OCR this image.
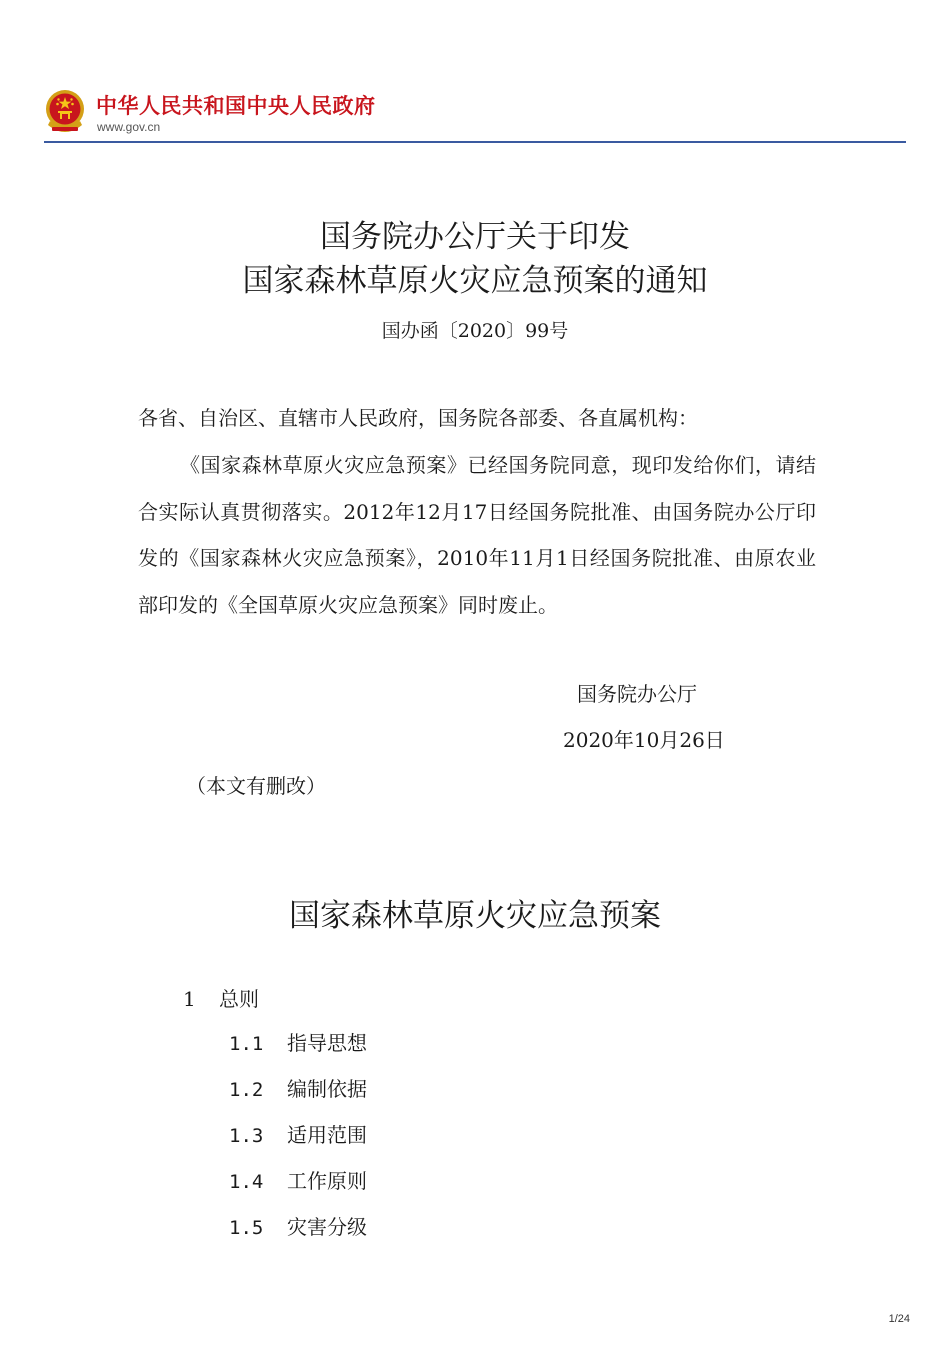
中华人民共和国中央人民政府
www.gov.cn
国务院办公厅关于印发
国家森林草原火灾应急预案的通知
国办函〔2020〕99号
各省、自治区、直辖市人民政府，国务院各部委、各直属机构：

《国家森林草原火灾应急预案》已经国务院同意，现印发给你们，请结合实际认真贯彻落实。2012年12月17日经国务院批准、由国务院办公厅印发的《国家森林火灾应急预案》，2010年11月1日经国务院批准、由原农业部印发的《全国草原火灾应急预案》同时废止。

国务院办公厅
2020年10月26日
（本文有删改）
国家森林草原火灾应急预案
1 总则
1.1 指导思想
1.2 编制依据
1.3 适用范围
1.4 工作原则
1.5 灾害分级
1/24
